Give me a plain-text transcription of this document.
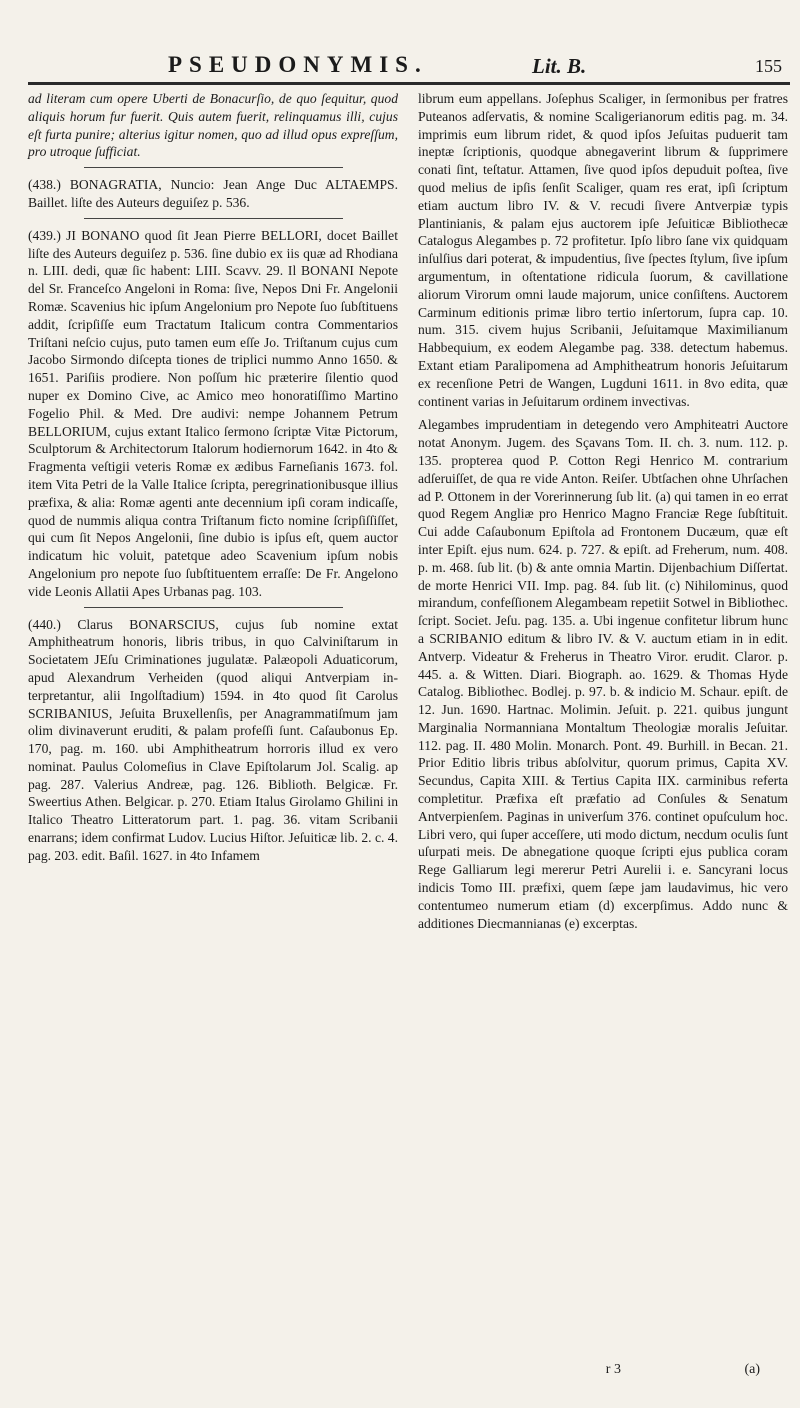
PSEUDONYMIS.	Lit. B.	155

ad literam cum opere Uberti de Bonacurſio, de quo ſequitur, quod aliquis horum fur fuerit. Quis autem fuerit, relinquamus illi, cujus eſt furta punire; alterius igitur nomen, quo ad illud opus expreſſum, pro utroque ſufficiat.

(438.) BONAGRATIA, Nuncio: Jean Ange Duc ALTAEMPS. Baillet. liſte des Auteurs deguiſez p. 536.

(439.) JI BONANO quod ſit Jean Pierre BELLORI, docet Baillet liſte des Auteurs deguiſez p. 536. ſine dubio ex iis quæ ad Rhodiana n. LIII. dedi, quæ ſic habent: LIII. Scavv. 29. Il BONANI Nepote del Sr. Franceſco Angeloni in Roma: ſive, Nepos Dni Fr. Angelonii Romæ. Scavenius hic ipſum Angelonium pro Nepote ſuo ſubſtituens addit, ſcripſiſſe eum Tractatum Italicum contra Commentarios Triſtani neſcio cujus, puto tamen eum eſſe Jo. Triſtanum cujus cum Jacobo Sirmondo diſcepta tiones de triplici nummo Anno 1650. & 1651. Pariſiis prodiere. Non poſſum hic præterire ſilentio quod nuper ex Domino Cive, ac Amico meo honoratiſſimo Martino Fogelio Phil. & Med. Dre audivi: nempe Johannem Petrum BELLORIUM, cujus extant Italico ſermono ſcriptæ Vitæ Pictorum, Sculptorum & Architectorum Italorum hodiernorum 1642. in 4to & Fragmenta veſtigii veteris Romæ ex ædibus Farneſianis 1673. fol. item Vita Petri de la Valle Italice ſcripta, peregrinationibusque illius præfixa, & alia: Romæ agenti ante decennium ipſi coram indicaſſe, quod de nummis aliqua contra Triſtanum ficto nomine ſcripſiſſiſſet, qui cum ſit Nepos Angelonii, ſine dubio is ipſus eſt, quem auctor indicatum hic voluit, patetque adeo Scavenium ipſum nobis Angelonium pro nepote ſuo ſubſtituentem erraſſe: De Fr. Angelono vide Leonis Allatii Apes Urbanas pag. 103.

(440.) Clarus BONARSCIUS, cujus ſub nomine extat Amphitheatrum honoris, libris tribus, in quo Calviniſtarum in Societatem JEſu Criminationes jugulatæ. Palæopoli Aduaticorum, apud Alexandrum Verheiden (quod aliqui Antverpiam interpretantur, alii Ingolſtadium) 1594. in 4to quod ſit Carolus SCRIBANIUS, Jeſuita Bruxellenſis, per Anagrammatiſmum jam olim divinaverunt eruditi, & palam profeſſi ſunt. Caſaubonus Ep. 170, pag. m. 160. ubi Amphitheatrum horroris illud ex vero nominat. Paulus Colomeſius in Clave Epiſtolarum Jol. Scalig. ap pag. 287. Valerius Andreæ, pag. 126. Biblioth. Belgicæ. Fr. Sweertius Athen. Belgicar. p. 270. Etiam Italus Girolamo Ghilini in Italico Theatro Litteratorum part. 1. pag. 36. vitam Scribanii enarrans; idem confirmat Ludov. Lucius Hiſtor. Jeſuiticæ lib. 2. c. 4. pag. 203. edit. Baſil. 1627. in 4to Infamem

librum eum appellans. Joſephus Scaliger, in ſermonibus per fratres Puteanos adſervatis, & nomine Scaligerianorum editis pag. m. 34. imprimis eum librum ridet, & quod ipſos Jeſuitas puduerit tam ineptæ ſcriptionis, quodque abnegaverint librum & ſupprimere conati ſint, teſtatur. Attamen, ſive quod ipſos depuduit poſtea, ſive quod melius de ipſis ſenſit Scaliger, quam res erat, ipſi ſcriptum etiam auctum libro IV. & V. recudi ſivere Antverpiæ typis Plantinianis, & palam ejus auctorem ipſe Jeſuiticæ Bibliothecæ Catalogus Alegambes p. 72 profitetur. Ipſo libro ſane vix quidquam inſulſius dari poterat, & impudentius, ſive ſpectes ſtylum, ſive ipſum argumentum, in oſtentatione ridicula ſuorum, & cavillatione aliorum Virorum omni laude majorum, unice conſiſtens. Auctorem Carminum editionis primæ libro tertio inſertorum, ſupra cap. 10. num. 315. civem hujus Scribanii, Jeſuitamque Maximilianum Habbequium, ex eodem Alegambe pag. 338. detectum habemus. Extant etiam Paralipomena ad Amphitheatrum honoris Jeſuitarum ex recenſione Petri de Wangen, Lugduni 1611. in 8vo edita, quæ continent varias in Jeſuitarum ordinem invectivas.

Alegambes imprudentiam in detegendo vero Amphiteatri Auctore notat Anonym. Jugem. des Sçavans Tom. II. ch. 3. num. 112. p. 135. propterea quod P. Cotton Regi Henrico M. contrarium adſeruiſſet, de qua re vide Anton. Reiſer. Ubtſachen ohne Uhrſachen ad P. Ottonem in der Vorerinnerung ſub lit. (a) qui tamen in eo errat quod Regem Angliæ pro Henrico Magno Franciæ Rege ſubſtituit. Cui adde Caſaubonum Epiſtola ad Frontonem Ducæum, quæ eſt inter Epiſt. ejus num. 624. p. 727. & epiſt. ad Freherum, num. 408. p. m. 468. ſub lit. (b) & ante omnia Martin. Dijenbachium Diſſertat. de morte Henrici VII. Imp. pag. 84. ſub lit. (c) Nihilominus, quod mirandum, confeſſionem Alegambeam repetiit Sotwel in Bibliothec. ſcript. Societ. Jeſu. pag. 135. a. Ubi ingenue confitetur librum hunc a SCRIBANIO editum & libro IV. & V. auctum etiam in in edit. Antverp. Videatur & Freherus in Theatro Viror. erudit. Claror. p. 445. a. & Witten. Diari. Biograph. ao. 1629. & Thomas Hyde Catalog. Bibliothec. Bodlej. p. 97. b. & indicio M. Schaur. epiſt. de 12. Jun. 1690. Hartnac. Molimin. Jeſuit. p. 221. quibus jungunt Marginalia Normanniana Montaltum Theologiæ moralis Jeſuitar. 112. pag. II. 480 Molin. Monarch. Pont. 49. Burhill. in Becan. 21. Prior Editio libris tribus abſolvitur, quorum primus, Capita XV. Secundus, Capita XIII. & Tertius Capita IIX. carminibus referta completitur. Præfixa eſt præfatio ad Conſules & Senatum Antverpienſem. Paginas in univerſum 376. continet opuſculum hoc. Libri vero, qui ſuper acceſſere, uti modo dictum, necdum oculis ſunt uſurpati meis. De abnegatione quoque ſcripti ejus publica coram Rege Galliarum legi mererur Petri Aurelii i. e. Sancyrani locus indicis Tomo III. præfixi, quem ſæpe jam laudavimus, hic vero contentumeo numerum etiam (d) excerpſimus. Addo nunc & additiones Diecmannianas (e) excerptas.

r 3	(a)
